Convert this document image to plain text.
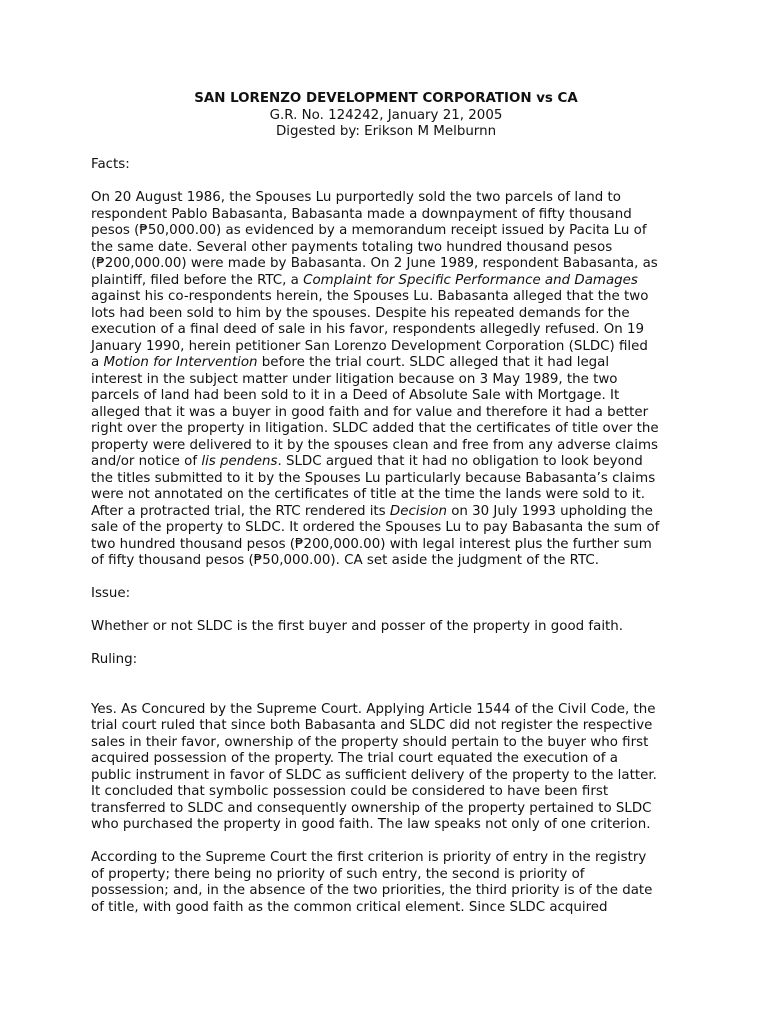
SAN LORENZO DEVELOPMENT CORPORATION vs CA
G.R. No. 124242, January 21, 2005
Digested by: Erikson M Melburnn

Facts:

On 20 August 1986, the Spouses Lu purportedly sold the two parcels of land to
respondent Pablo Babasanta, Babasanta made a downpayment of fifty thousand
pesos (₱50,000.00) as evidenced by a memorandum receipt issued by Pacita Lu of
the same date. Several other payments totaling two hundred thousand pesos
(₱200,000.00) were made by Babasanta. On 2 June 1989, respondent Babasanta, as
plaintiff, filed before the RTC, a Complaint for Specific Performance and Damages
against his co-respondents herein, the Spouses Lu. Babasanta alleged that the two
lots had been sold to him by the spouses. Despite his repeated demands for the
execution of a final deed of sale in his favor, respondents allegedly refused. On 19
January 1990, herein petitioner San Lorenzo Development Corporation (SLDC) filed
a Motion for Intervention before the trial court. SLDC alleged that it had legal
interest in the subject matter under litigation because on 3 May 1989, the two
parcels of land had been sold to it in a Deed of Absolute Sale with Mortgage. It
alleged that it was a buyer in good faith and for value and therefore it had a better
right over the property in litigation. SLDC added that the certificates of title over the
property were delivered to it by the spouses clean and free from any adverse claims
and/or notice of lis pendens. SLDC argued that it had no obligation to look beyond
the titles submitted to it by the Spouses Lu particularly because Babasanta’s claims
were not annotated on the certificates of title at the time the lands were sold to it.
After a protracted trial, the RTC rendered its Decision on 30 July 1993 upholding the
sale of the property to SLDC. It ordered the Spouses Lu to pay Babasanta the sum of
two hundred thousand pesos (₱200,000.00) with legal interest plus the further sum
of fifty thousand pesos (₱50,000.00). CA set aside the judgment of the RTC.

Issue:

Whether or not SLDC is the first buyer and posser of the property in good faith.

Ruling:

Yes. As Concured by the Supreme Court. Applying Article 1544 of the Civil Code, the
trial court ruled that since both Babasanta and SLDC did not register the respective
sales in their favor, ownership of the property should pertain to the buyer who first
acquired possession of the property. The trial court equated the execution of a
public instrument in favor of SLDC as sufficient delivery of the property to the latter.
It concluded that symbolic possession could be considered to have been first
transferred to SLDC and consequently ownership of the property pertained to SLDC
who purchased the property in good faith. The law speaks not only of one criterion.
According to the Supreme Court the first criterion is priority of entry in the registry
of property; there being no priority of such entry, the second is priority of
possession; and, in the absence of the two priorities, the third priority is of the date
of title, with good faith as the common critical element. Since SLDC acquired
